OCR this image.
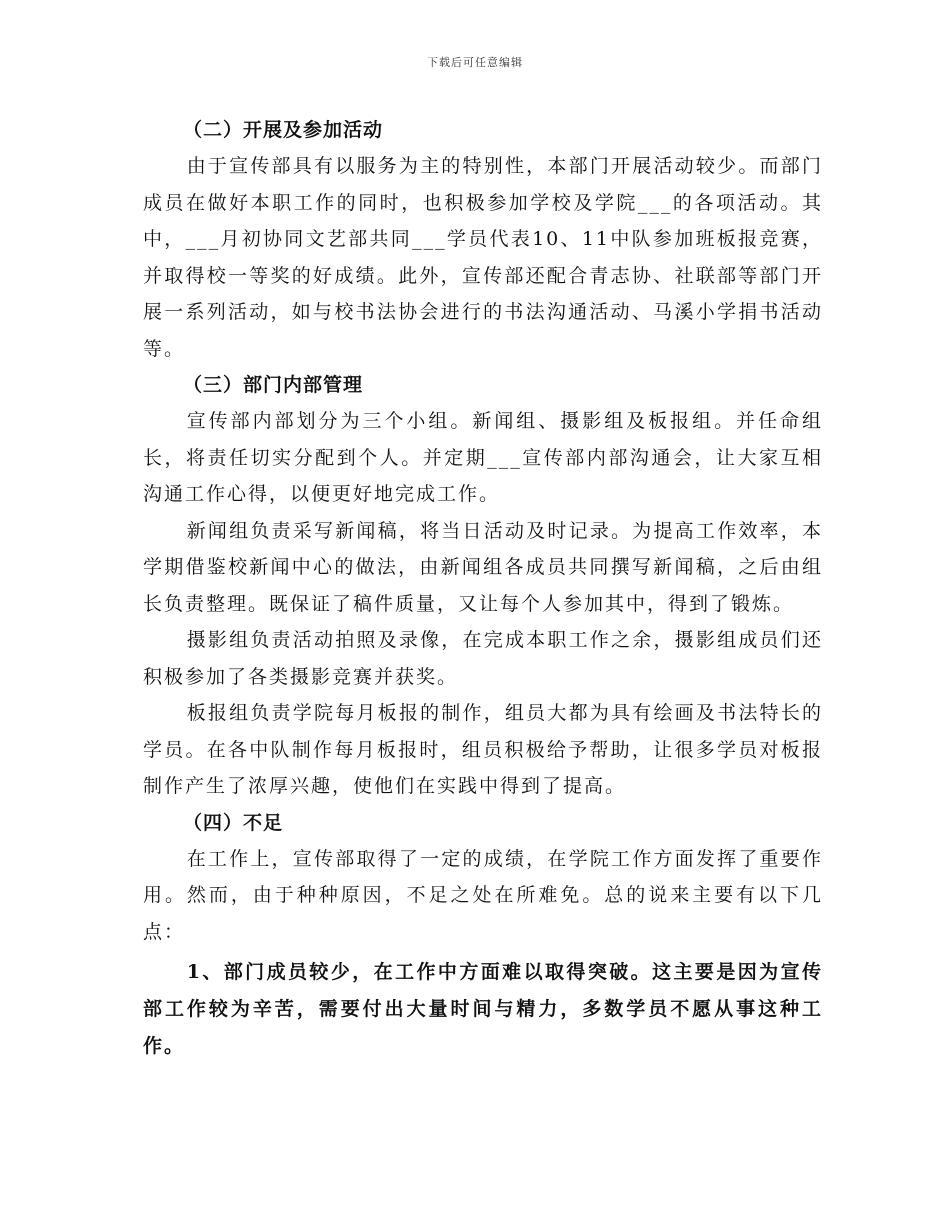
下载后可任意编辑
（二）开展及参加活动

由于宣传部具有以服务为主的特别性，本部门开展活动较少。而部门成员在做好本职工作的同时，也积极参加学校及学院___的各项活动。其中，___月初协同文艺部共同___学员代表10、11中队参加班板报竞赛，并取得校一等奖的好成绩。此外，宣传部还配合青志协、社联部等部门开展一系列活动，如与校书法协会进行的书法沟通活动、马溪小学捐书活动等。

（三）部门内部管理

宣传部内部划分为三个小组。新闻组、摄影组及板报组。并任命组长，将责任切实分配到个人。并定期___宣传部内部沟通会，让大家互相沟通工作心得，以便更好地完成工作。

新闻组负责采写新闻稿，将当日活动及时记录。为提高工作效率，本学期借鉴校新闻中心的做法，由新闻组各成员共同撰写新闻稿，之后由组长负责整理。既保证了稿件质量，又让每个人参加其中，得到了锻炼。

摄影组负责活动拍照及录像，在完成本职工作之余，摄影组成员们还积极参加了各类摄影竞赛并获奖。

板报组负责学院每月板报的制作，组员大都为具有绘画及书法特长的学员。在各中队制作每月板报时，组员积极给予帮助，让很多学员对板报制作产生了浓厚兴趣，使他们在实践中得到了提高。

（四）不足

在工作上，宣传部取得了一定的成绩，在学院工作方面发挥了重要作用。然而，由于种种原因，不足之处在所难免。总的说来主要有以下几点：

1、部门成员较少，在工作中方面难以取得突破。这主要是因为宣传部工作较为辛苦，需要付出大量时间与精力，多数学员不愿从事这种工作。
